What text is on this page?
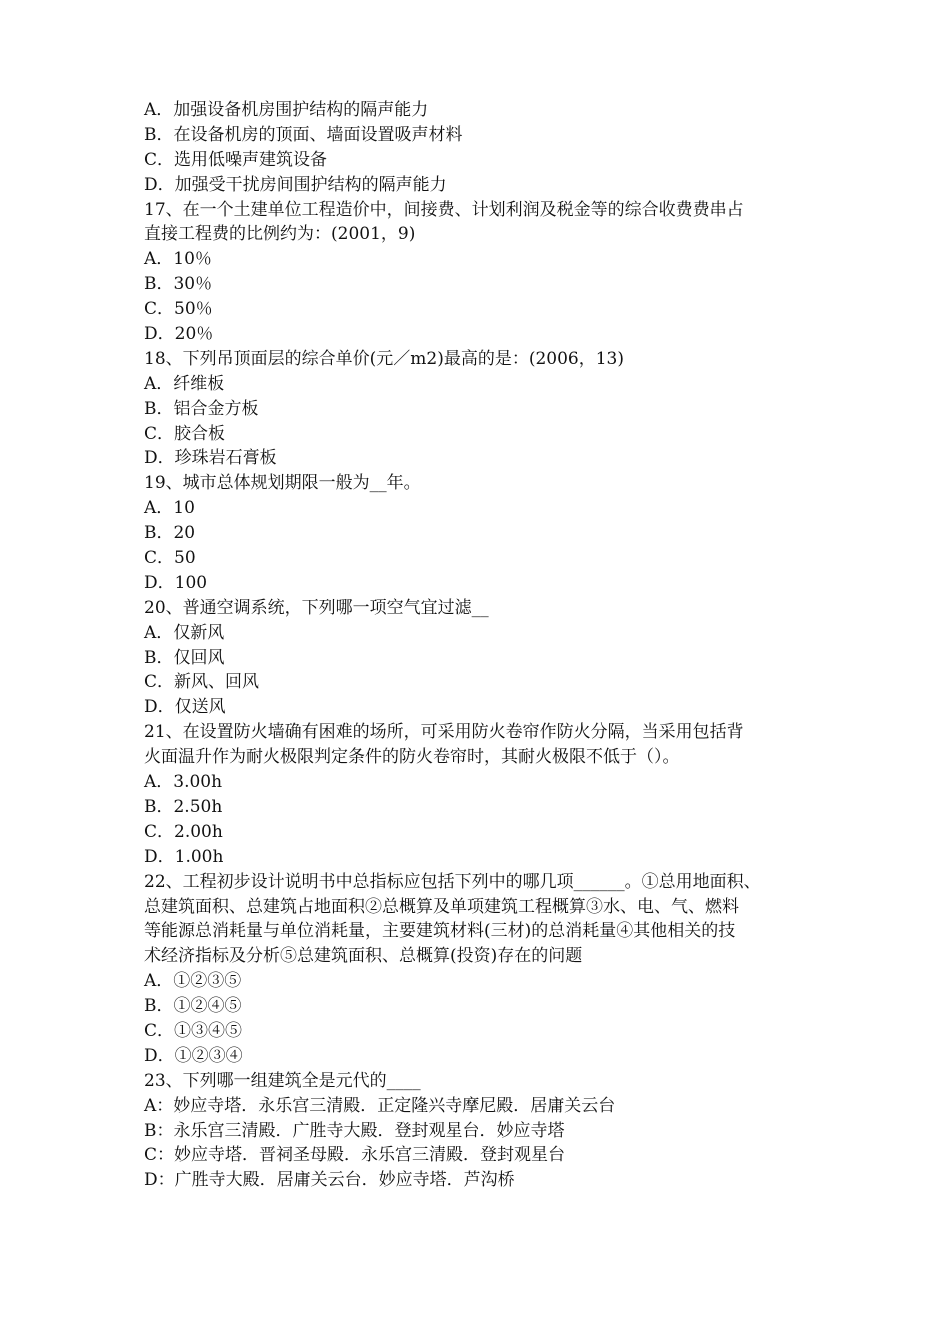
A．加强设备机房围护结构的隔声能力
B．在设备机房的顶面、墙面设置吸声材料
C．选用低噪声建筑设备
D．加强受干扰房间围护结构的隔声能力
17、在一个土建单位工程造价中，间接费、计划利润及税金等的综合收费费串占
直接工程费的比例约为：(2001，9)
A．10％
B．30％
C．50％
D．20％
18、下列吊顶面层的综合单价(元／m2)最高的是：(2006，13)
A．纤维板
B．铝合金方板
C．胶合板
D．珍珠岩石膏板
19、城市总体规划期限一般为__年。
A．10
B．20
C．50
D．100
20、普通空调系统，下列哪一项空气宜过滤__
A．仅新风
B．仅回风
C．新风、回风
D．仅送风
21、在设置防火墙确有困难的场所，可采用防火卷帘作防火分隔，当采用包括背
火面温升作为耐火极限判定条件的防火卷帘时，其耐火极限不低于（）。
A．3.00h
B．2.50h
C．2.00h
D．1.00h
22、工程初步设计说明书中总指标应包括下列中的哪几项______。①总用地面积、
总建筑面积、总建筑占地面积②总概算及单项建筑工程概算③水、电、气、燃料
等能源总消耗量与单位消耗量，主要建筑材料(三材)的总消耗量④其他相关的技
术经济指标及分析⑤总建筑面积、总概算(投资)存在的问题
A．①②③⑤
B．①②④⑤
C．①③④⑤
D．①②③④
23、下列哪一组建筑全是元代的____
A：妙应寺塔．永乐宫三清殿．正定隆兴寺摩尼殿．居庸关云台
B：永乐宫三清殿．广胜寺大殿．登封观星台．妙应寺塔
C：妙应寺塔．晋祠圣母殿．永乐宫三清殿．登封观星台
D：广胜寺大殿．居庸关云台．妙应寺塔．芦沟桥
